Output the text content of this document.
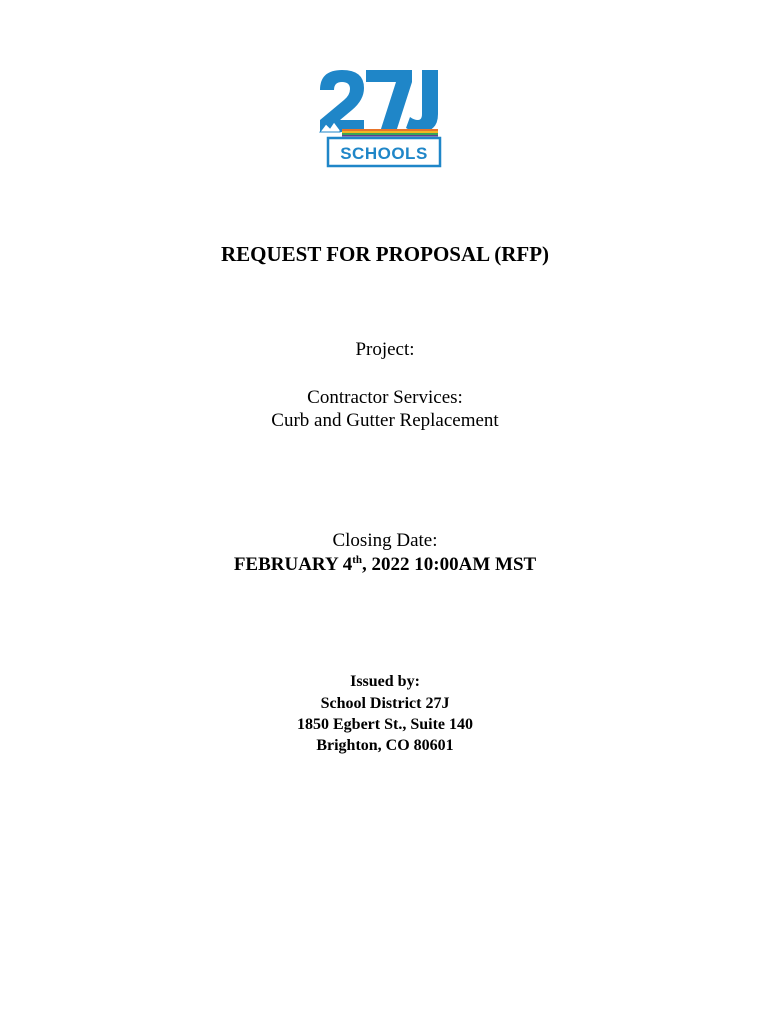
SCHOOLS
REQUEST FOR PROPOSAL (RFP)
Project:
Contractor Services:
Curb and Gutter Replacement
Closing Date:
FEBRUARY 4th, 2022 10:00AM MST
Issued by:
School District 27J
1850 Egbert St., Suite 140
Brighton, CO 80601
